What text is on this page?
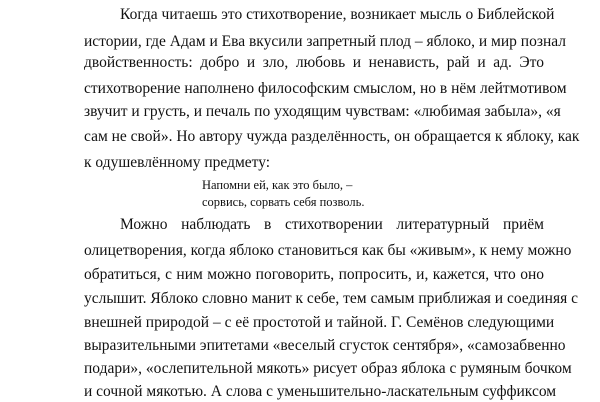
Когда читаешь это стихотворение, возникает мысль о Библейской
истории, где Адам и Ева вкусили запретный плод – яблоко, и мир познал
двойственность: добро и зло, любовь и ненависть, рай и ад. Это
стихотворение наполнено философским смыслом, но в нём лейтмотивом
звучит и грусть, и печаль по уходящим чувствам: «любимая забыла», «я
сам не свой». Но автору чужда разделённость, он обращается к яблоку, как
к одушевлённому предмету:
Напомни ей, как это было, –
сорвись, сорвать себя позволь.
Можно наблюдать в стихотворении литературный приём
олицетворения, когда яблоко становиться как бы «живым», к нему можно
обратиться, с ним можно поговорить, попросить, и, кажется, что оно
услышит. Яблоко словно манит к себе, тем самым приближая и соединяя с
внешней природой – с её простотой и тайной. Г. Семёнов следующими
выразительными эпитетами «веселый сгусток сентября», «самозабвенно
подари», «ослепительной мякоть» рисует образ яблока с румяным бочком
и сочной мякотью. А слова с уменьшительно-ласкательным суффиксом
